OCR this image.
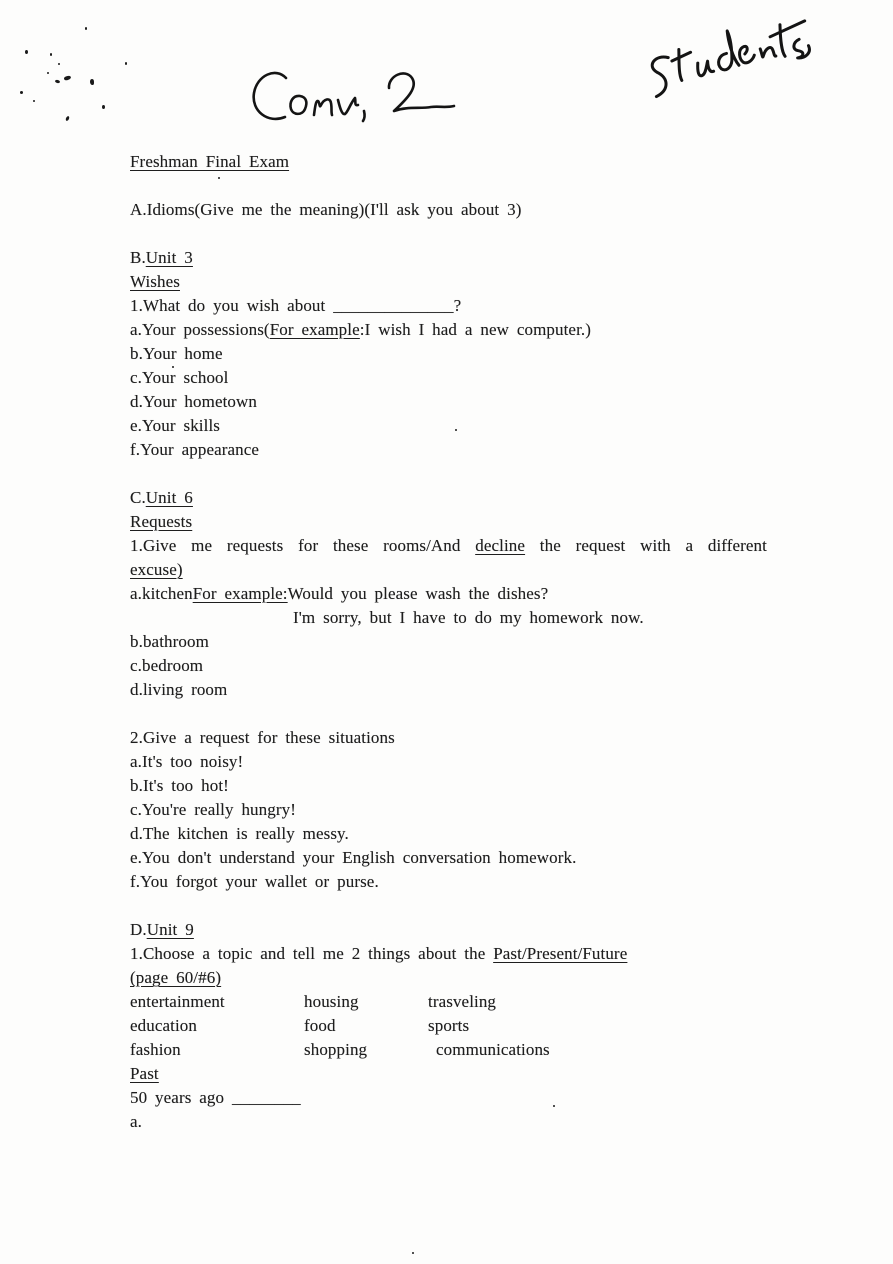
Freshman Final Exam
A.Idioms(Give me the meaning)(I'll ask you about 3)
B.Unit 3
Wishes
1.What do you wish about ______________?
a.Your possessions(For example:I wish I had a new computer.)
b.Your home
c.Your school
d.Your hometown
e.Your skills
f.Your appearance
C.Unit 6
Requests
1.Give me requests for these rooms/And decline the request with a different
excuse)
a.kitchenFor example:Would you please wash the dishes?
I'm sorry, but I have to do my homework now.
b.bathroom
c.bedroom
d.living room
2.Give a request for these situations
a.It's too noisy!
b.It's too hot!
c.You're really hungry!
d.The kitchen is really messy.
e.You don't understand your English conversation homework.
f.You forgot your wallet or purse.
D.Unit 9
1.Choose a topic and tell me 2 things about the Past/Present/Future
(page 60/#6)
entertainment	housing	trasveling
education	food	sports
fashion	shopping	communications
Past
50 years ago ________
a.
